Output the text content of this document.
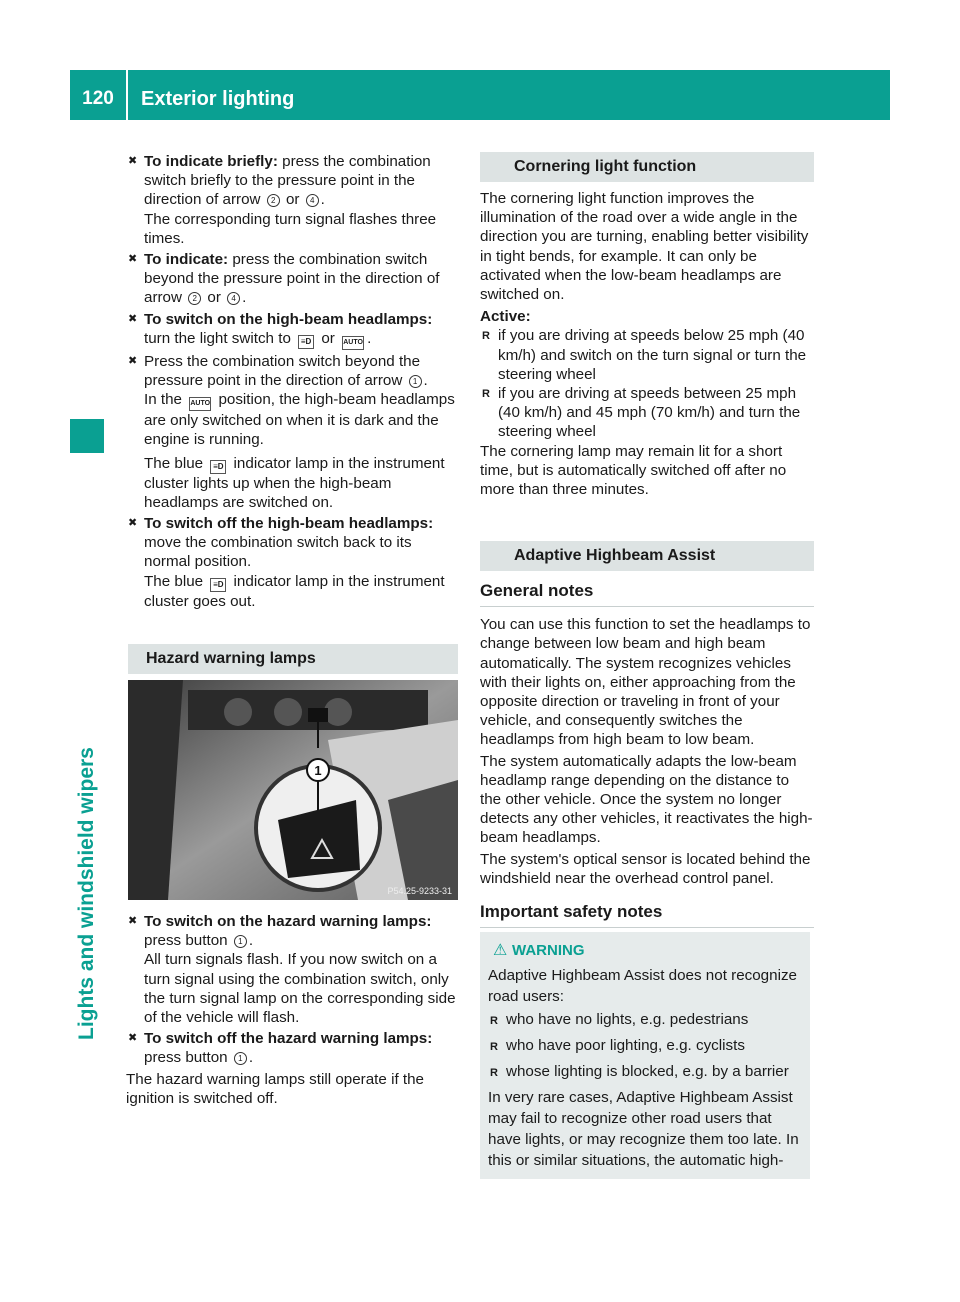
120	Exterior lighting
Lights and windshield wipers

✖ To indicate briefly: press the combination switch briefly to the pressure point in the direction of arrow 2 or 4 .
The corresponding turn signal flashes three times.

✖ To indicate: press the combination switch beyond the pressure point in the direction of arrow 2 or 4 .

✖ To switch on the high-beam headlamps: turn the light switch to ≡D or AUTO .

✖ Press the combination switch beyond the pressure point in the direction of arrow 1 .
In the AUTO position, the high-beam headlamps are only switched on when it is dark and the engine is running.

The blue ≡D indicator lamp in the instrument cluster lights up when the high-beam headlamps are switched on.

✖ To switch off the high-beam headlamps: move the combination switch back to its normal position.
The blue ≡D indicator lamp in the instrument cluster goes out.

Hazard warning lamps
1
P54.25-9233-31

✖ To switch on the hazard warning lamps: press button 1 .
All turn signals flash. If you now switch on a turn signal using the combination switch, only the turn signal lamp on the corresponding side of the vehicle will flash.

✖ To switch off the hazard warning lamps: press button 1 .

The hazard warning lamps still operate if the ignition is switched off.

Cornering light function

The cornering light function improves the illumination of the road over a wide angle in the direction you are turning, enabling better visibility in tight bends, for example. It can only be activated when the low-beam headlamps are switched on.

Active:

R if you are driving at speeds below 25 mph (40 km/h) and switch on the turn signal or turn the steering wheel

R if you are driving at speeds between 25 mph (40 km/h) and 45 mph (70 km/h) and turn the steering wheel

The cornering lamp may remain lit for a short time, but is automatically switched off after no more than three minutes.

Adaptive Highbeam Assist

General notes

You can use this function to set the headlamps to change between low beam and high beam automatically. The system recognizes vehicles with their lights on, either approaching from the opposite direction or traveling in front of your vehicle, and consequently switches the headlamps from high beam to low beam.

The system automatically adapts the low-beam headlamp range depending on the distance to the other vehicle. Once the system no longer detects any other vehicles, it reactivates the high-beam headlamps.

The system's optical sensor is located behind the windshield near the overhead control panel.

Important safety notes

⚠ WARNING

Adaptive Highbeam Assist does not recognize road users:

R who have no lights, e.g. pedestrians

R who have poor lighting, e.g. cyclists

R whose lighting is blocked, e.g. by a barrier

In very rare cases, Adaptive Highbeam Assist may fail to recognize other road users that have lights, or may recognize them too late. In this or similar situations, the automatic high-
